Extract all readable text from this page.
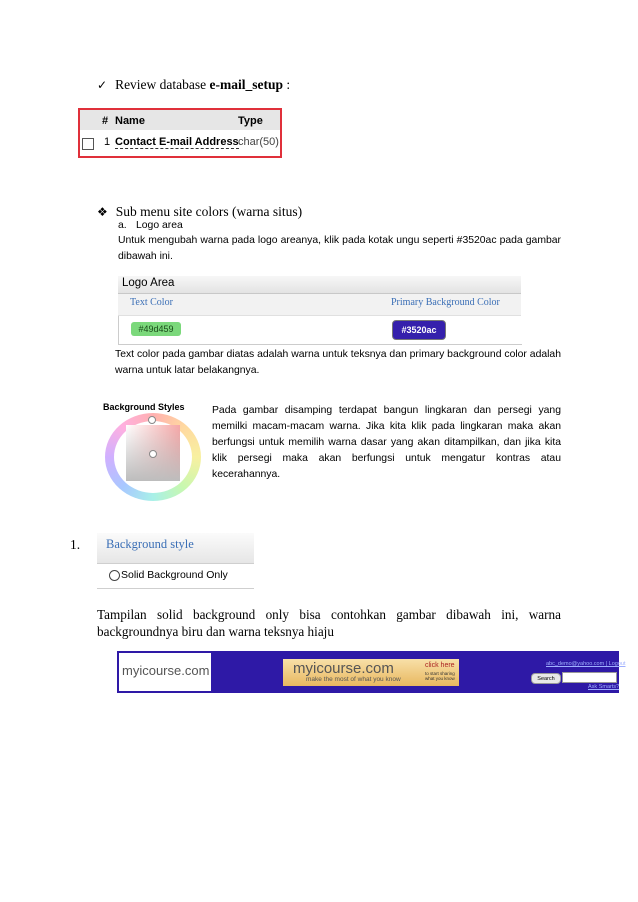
✓ Review database e-mail_setup :
# Name	Type
1 Contact E-mail Address char(50)
❖ Sub menu site colors (warna situs)
a. Logo area
Untuk mengubah warna pada logo areanya, klik pada kotak ungu seperti #3520ac pada gambar dibawah ini.
Logo Area
Text Color	Primary Background Color
#49d459	#3520ac
Text color pada gambar diatas adalah warna untuk teksnya dan primary background color adalah warna untuk latar belakangnya.
Background Styles	Pada gambar disamping terdapat bangun lingkaran dan persegi yang memilki macam-macam warna. Jika kita klik pada lingkaran maka akan berfungsi untuk memilih warna dasar yang akan ditampilkan, dan jika kita klik persegi maka akan berfungsi untuk mengatur kontras atau kecerahannya.
1. Background style
Solid Background Only
Tampilan solid background only bisa contohkan gambar dibawah ini, warna backgroundnya biru dan warna teksnya hiaju
myicourse.com	myicourse.com
make the most of what you know
click here
to start sharing what you know
abc_demo@yahoo.com | Logout
Search
Ask Smarts?
